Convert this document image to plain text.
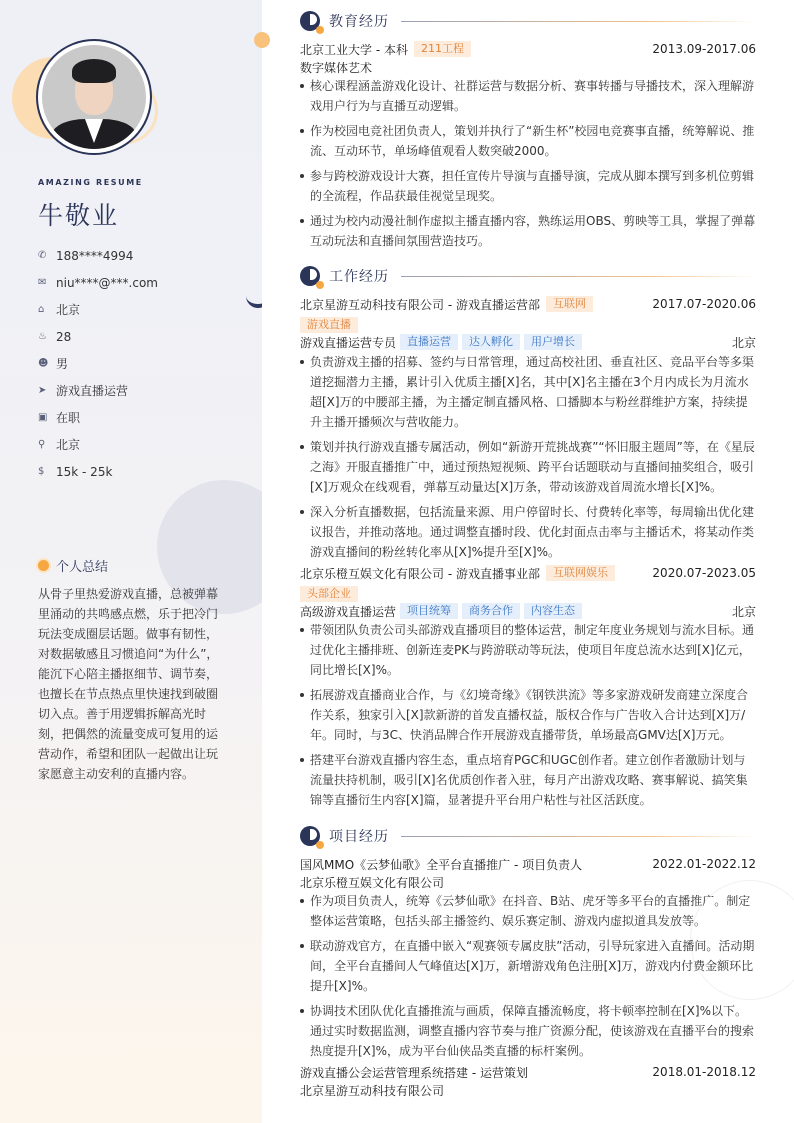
AMAZING RESUME
牛敬业
✆ 188****4994
✉ niu****@***.com
⌂ 北京
♨ 28
☻ 男
➤ 游戏直播运营
▣ 在职
⚲ 北京
$ 15k - 25k
个人总结
从骨子里热爱游戏直播，总被弹幕里涌动的共鸣感点燃，乐于把冷门玩法变成圈层话题。做事有韧性，对数据敏感且习惯追问“为什么”，能沉下心陪主播抠细节、调节奏，也擅长在节点热点里快速找到破圈切入点。善于用逻辑拆解高光时刻，把偶然的流量变成可复用的运营动作，希望和团队一起做出让玩家愿意主动安利的直播内容。
教育经历
北京工业大学 - 本科	211工程	2013.09-2017.06
数字媒体艺术
核心课程涵盖游戏化设计、社群运营与数据分析、赛事转播与导播技术，深入理解游戏用户行为与直播互动逻辑。
作为校园电竞社团负责人，策划并执行了“新生杯”校园电竞赛事直播，统筹解说、推流、互动环节，单场峰值观看人数突破2000。
参与跨校游戏设计大赛，担任宣传片导演与直播导演，完成从脚本撰写到多机位剪辑的全流程，作品获最佳视觉呈现奖。
通过为校内动漫社制作虚拟主播直播内容，熟练运用OBS、剪映等工具，掌握了弹幕互动玩法和直播间氛围营造技巧。
工作经历
北京星游互动科技有限公司 - 游戏直播运营部	互联网	2017.07-2020.06
游戏直播
游戏直播运营专员	直播运营	达人孵化	用户增长	北京
负责游戏主播的招募、签约与日常管理，通过高校社团、垂直社区、竞品平台等多渠道挖掘潜力主播，累计引入优质主播[X]名，其中[X]名主播在3个月内成长为月流水超[X]万的中腰部主播，为主播定制直播风格、口播脚本与粉丝群维护方案，持续提升主播开播频次与营收能力。
策划并执行游戏直播专属活动，例如“新游开荒挑战赛”“怀旧服主题周”等，在《星辰之海》开服直播推广中，通过预热短视频、跨平台话题联动与直播间抽奖组合，吸引[X]万观众在线观看，弹幕互动量达[X]万条，带动该游戏首周流水增长[X]%。
深入分析直播数据，包括流量来源、用户停留时长、付费转化率等，每周输出优化建议报告，并推动落地。通过调整直播时段、优化封面点击率与主播话术，将某动作类游戏直播间的粉丝转化率从[X]%提升至[X]%。
北京乐橙互娱文化有限公司 - 游戏直播事业部	互联网娱乐	2020.07-2023.05
头部企业
高级游戏直播运营	项目统筹	商务合作	内容生态	北京
带领团队负责公司头部游戏直播项目的整体运营，制定年度业务规划与流水目标。通过优化主播排班、创新连麦PK与跨游联动等玩法，使项目年度总流水达到[X]亿元，同比增长[X]%。
拓展游戏直播商业合作，与《幻境奇缘》《钢铁洪流》等多家游戏研发商建立深度合作关系，独家引入[X]款新游的首发直播权益，版权合作与广告收入合计达到[X]万/年。同时，与3C、快消品牌合作开展游戏直播带货，单场最高GMV达[X]万元。
搭建平台游戏直播内容生态，重点培育PGC和UGC创作者。建立创作者激励计划与流量扶持机制，吸引[X]名优质创作者入驻，每月产出游戏攻略、赛事解说、搞笑集锦等直播衍生内容[X]篇，显著提升平台用户粘性与社区活跃度。
项目经历
国风MMO《云梦仙歌》全平台直播推广 - 项目负责人	2022.01-2022.12
北京乐橙互娱文化有限公司
作为项目负责人，统筹《云梦仙歌》在抖音、B站、虎牙等多平台的直播推广。制定整体运营策略，包括头部主播签约、娱乐赛定制、游戏内虚拟道具发放等。
联动游戏官方，在直播中嵌入“观赛领专属皮肤”活动，引导玩家进入直播间。活动期间，全平台直播间人气峰值达[X]万，新增游戏角色注册[X]万，游戏内付费金额环比提升[X]%。
协调技术团队优化直播推流与画质，保障直播流畅度，将卡顿率控制在[X]%以下。通过实时数据监测，调整直播内容节奏与推广资源分配，使该游戏在直播平台的搜索热度提升[X]%，成为平台仙侠品类直播的标杆案例。
游戏直播公会运营管理系统搭建 - 运营策划	2018.01-2018.12
北京星游互动科技有限公司
